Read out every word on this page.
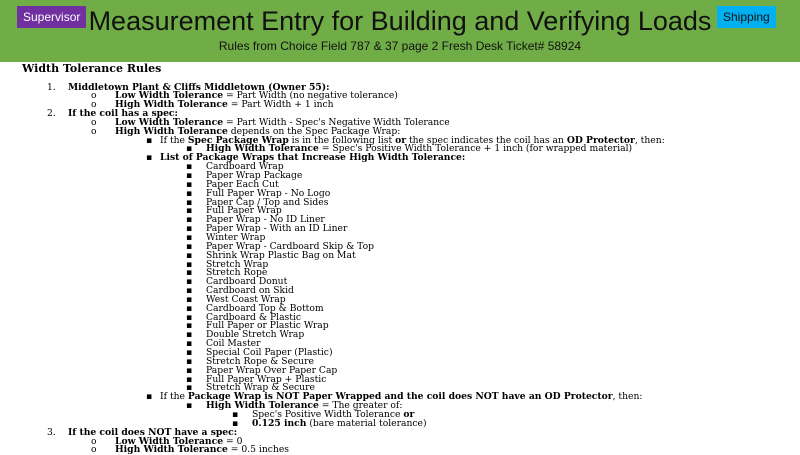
Measurement Entry for Building and Verifying Loads
Rules from Choice Field 787 & 37 page 2 Fresh Desk Ticket# 58924
Supervisor	Shipping
Width Tolerance Rules
1. Middletown Plant & Cliffs Middletown (Owner 55):
o Low Width Tolerance = Part Width (no negative tolerance)
o High Width Tolerance = Part Width + 1 inch
2. If the coil has a spec:
o Low Width Tolerance = Part Width - Spec's Negative Width Tolerance
o High Width Tolerance depends on the Spec Package Wrap:
▪ If the Spec Package Wrap is in the following list or the spec indicates the coil has an OD Protector, then:
▪ High Width Tolerance = Spec's Positive Width Tolerance + 1 inch (for wrapped material)
▪ List of Package Wraps that Increase High Width Tolerance:
▪ Cardboard Wrap
▪ Paper Wrap Package
▪ Paper Each Cut
▪ Full Paper Wrap - No Logo
▪ Paper Cap / Top and Sides
▪ Full Paper Wrap
▪ Paper Wrap - No ID Liner
▪ Paper Wrap - With an ID Liner
▪ Winter Wrap
▪ Paper Wrap - Cardboard Skip & Top
▪ Shrink Wrap Plastic Bag on Mat
▪ Stretch Wrap
▪ Stretch Rope
▪ Cardboard Donut
▪ Cardboard on Skid
▪ West Coast Wrap
▪ Cardboard Top & Bottom
▪ Cardboard & Plastic
▪ Full Paper or Plastic Wrap
▪ Double Stretch Wrap
▪ Coil Master
▪ Special Coil Paper (Plastic)
▪ Stretch Rope & Secure
▪ Paper Wrap Over Paper Cap
▪ Full Paper Wrap + Plastic
▪ Stretch Wrap & Secure
▪ If the Package Wrap is NOT Paper Wrapped and the coil does NOT have an OD Protector, then:
▪ High Width Tolerance = The greater of:
▪ Spec's Positive Width Tolerance or
▪ 0.125 inch (bare material tolerance)
3. If the coil does NOT have a spec:
o Low Width Tolerance = 0
o High Width Tolerance = 0.5 inches
